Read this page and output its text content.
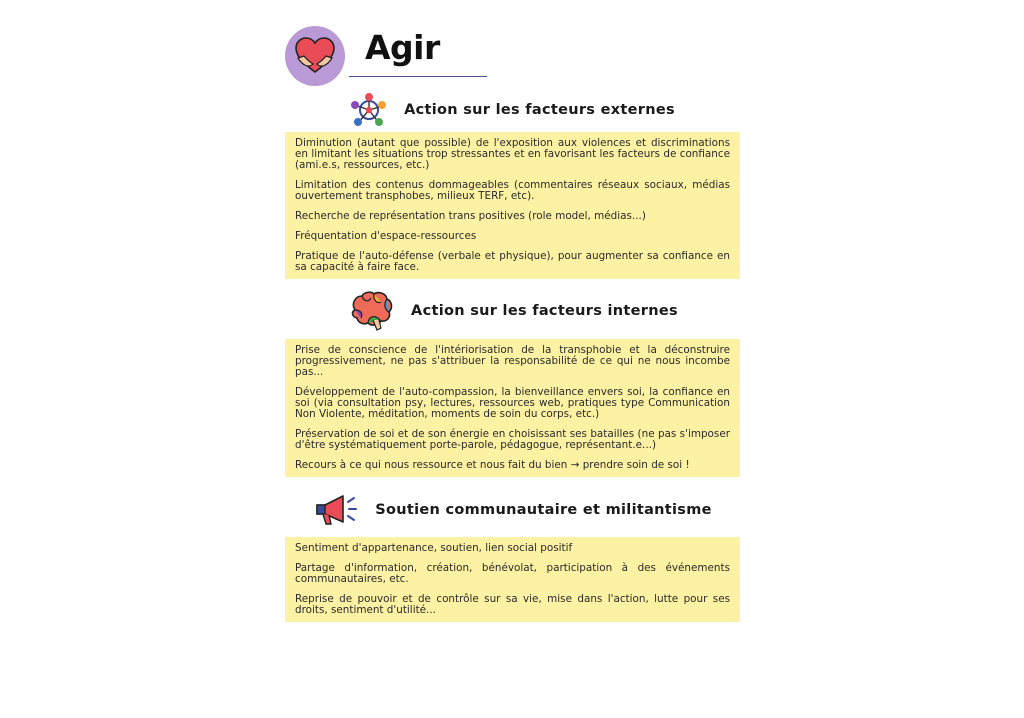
Agir
Action sur les facteurs externes

Diminution (autant que possible) de l'exposition aux violences et discriminations en limitant les situations trop stressantes et en favorisant les facteurs de confiance (ami.e.s, ressources, etc.)

Limitation des contenus dommageables (commentaires réseaux sociaux, médias ouvertement transphobes, milieux TERF, etc).

Recherche de représentation trans positives (role model, médias...)

Fréquentation d'espace-ressources

Pratique de l'auto-défense (verbale et physique), pour augmenter sa confiance en sa capacité à faire face.

Action sur les facteurs internes

Prise de conscience de l'intériorisation de la transphobie et la déconstruire progressivement, ne pas s'attribuer la responsabilité de ce qui ne nous incombe pas...

Développement de l'auto-compassion, la bienveillance envers soi, la confiance en soi (via consultation psy, lectures, ressources web, pratiques type Communication Non Violente, méditation, moments de soin du corps, etc.)

Préservation de soi et de son énergie en choisissant ses batailles (ne pas s'imposer d'être systématiquement porte-parole, pédagogue, représentant.e...)

Recours à ce qui nous ressource et nous fait du bien → prendre soin de soi !

Soutien communautaire et militantisme

Sentiment d'appartenance, soutien, lien social positif

Partage d'information, création, bénévolat, participation à des événements communautaires, etc.

Reprise de pouvoir et de contrôle sur sa vie, mise dans l'action, lutte pour ses droits, sentiment d'utilité...
